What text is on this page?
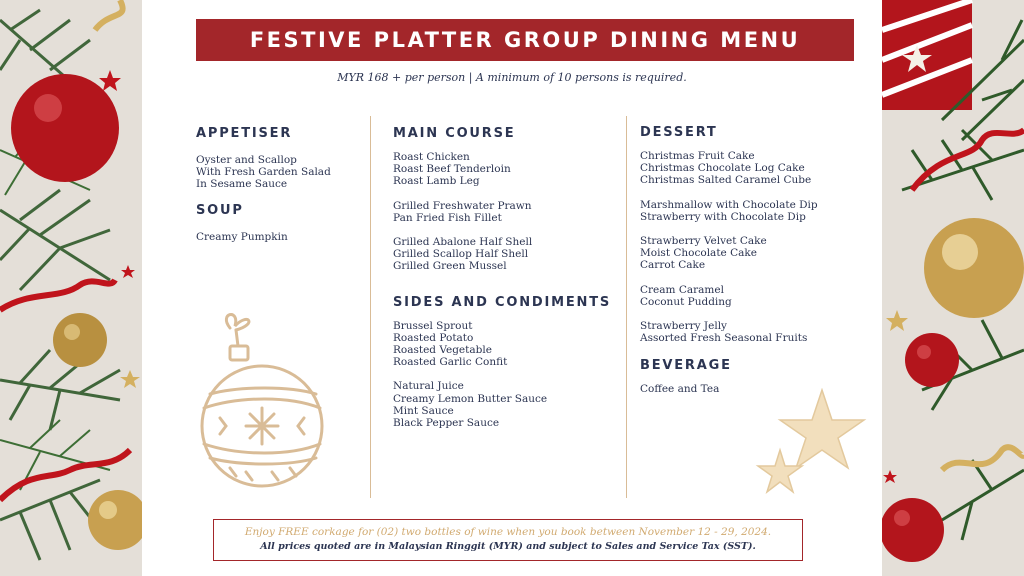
FESTIVE PLATTER GROUP DINING MENU
MYR 168 + per person | A minimum of 10 persons is required.
APPETISER
Oyster and Scallop
With Fresh Garden Salad
In Sesame Sauce
SOUP
Creamy Pumpkin
MAIN COURSE
Roast Chicken
Roast Beef Tenderloin
Roast Lamb Leg
Grilled Freshwater Prawn
Pan Fried Fish Fillet
Grilled Abalone Half Shell
Grilled Scallop Half Shell
Grilled Green Mussel
SIDES AND CONDIMENTS
Brussel Sprout
Roasted Potato
Roasted Vegetable
Roasted Garlic Confit
Natural Juice
Creamy Lemon Butter Sauce
Mint Sauce
Black Pepper Sauce
DESSERT
Christmas Fruit Cake
Christmas Chocolate Log Cake
Christmas Salted Caramel Cube
Marshmallow with Chocolate Dip
Strawberry with Chocolate Dip
Strawberry Velvet Cake
Moist Chocolate Cake
Carrot Cake
Cream Caramel
Coconut Pudding
Strawberry Jelly
Assorted Fresh Seasonal Fruits
BEVERAGE
Coffee and Tea
Enjoy FREE corkage for (02) two bottles of wine when you book between November 12 - 29, 2024.
All prices quoted are in Malaysian Ringgit (MYR) and subject to Sales and Service Tax (SST).
